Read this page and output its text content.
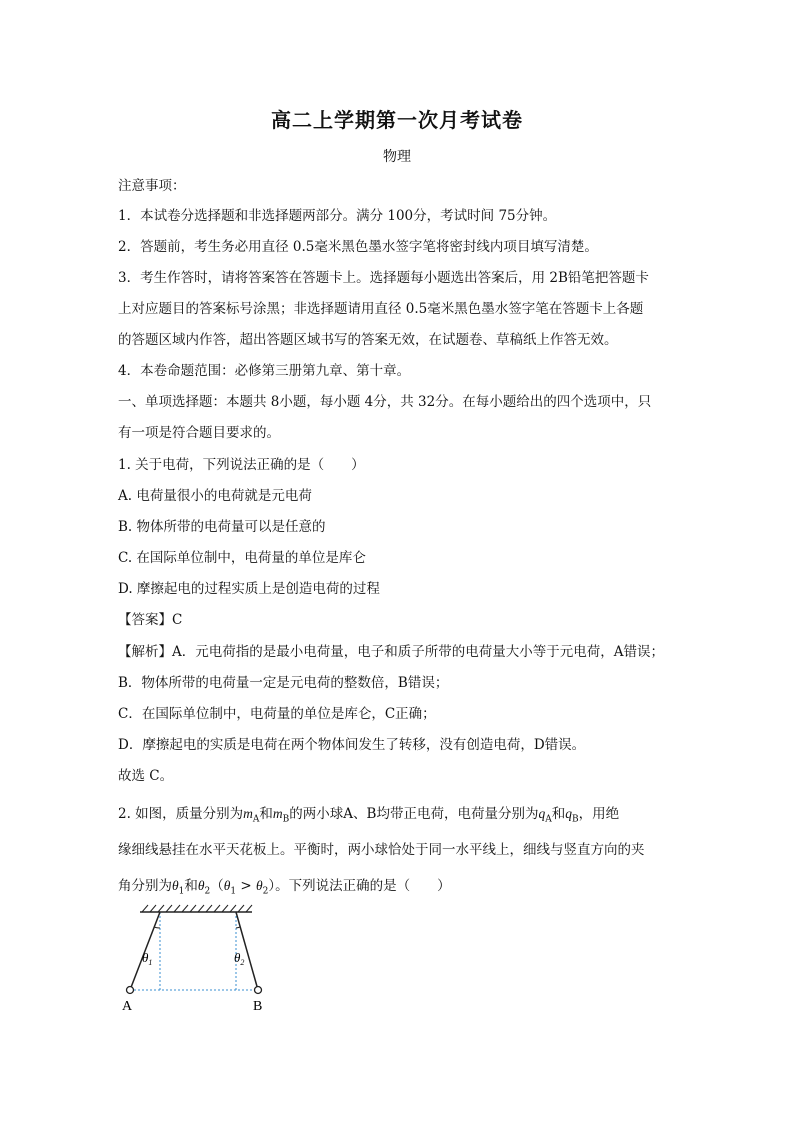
高二上学期第一次月考试卷
物理
注意事项：
1．本试卷分选择题和非选择题两部分。满分 100分，考试时间 75分钟。
2．答题前，考生务必用直径 0.5毫米黑色墨水签字笔将密封线内项目填写清楚。
3．考生作答时，请将答案答在答题卡上。选择题每小题选出答案后，用 2B铅笔把答题卡
上对应题目的答案标号涂黑；非选择题请用直径 0.5毫米黑色墨水签字笔在答题卡上各题
的答题区域内作答，超出答题区域书写的答案无效，在试题卷、草稿纸上作答无效。
4．本卷命题范围：必修第三册第九章、第十章。
一、单项选择题：本题共 8小题，每小题 4分，共 32分。在每小题给出的四个选项中，只
有一项是符合题目要求的。
1. 关于电荷，下列说法正确的是（　　）
A. 电荷量很小的电荷就是元电荷
B. 物体所带的电荷量可以是任意的
C. 在国际单位制中，电荷量的单位是库仑
D. 摩擦起电的过程实质上是创造电荷的过程
【答案】C
【解析】A．元电荷指的是最小电荷量，电子和质子所带的电荷量大小等于元电荷，A错误；
B．物体所带的电荷量一定是元电荷的整数倍，B错误；
C．在国际单位制中，电荷量的单位是库仑，C正确；
D．摩擦起电的实质是电荷在两个物体间发生了转移，没有创造电荷，D错误。
故选 C。
2. 如图，质量分别为$m_A$和$m_B$的两小球A、B均带正电荷，电荷量分别为$q_A$和$q_B$，用绝
缘细线悬挂在水平天花板上。平衡时，两小球恰处于同一水平线上，细线与竖直方向的夹
角分别为$\theta_1$和$\theta_2(\theta_1 > \theta_2)$。下列说法正确的是（　　）
$\theta_1$	$\theta_2$
A	B
